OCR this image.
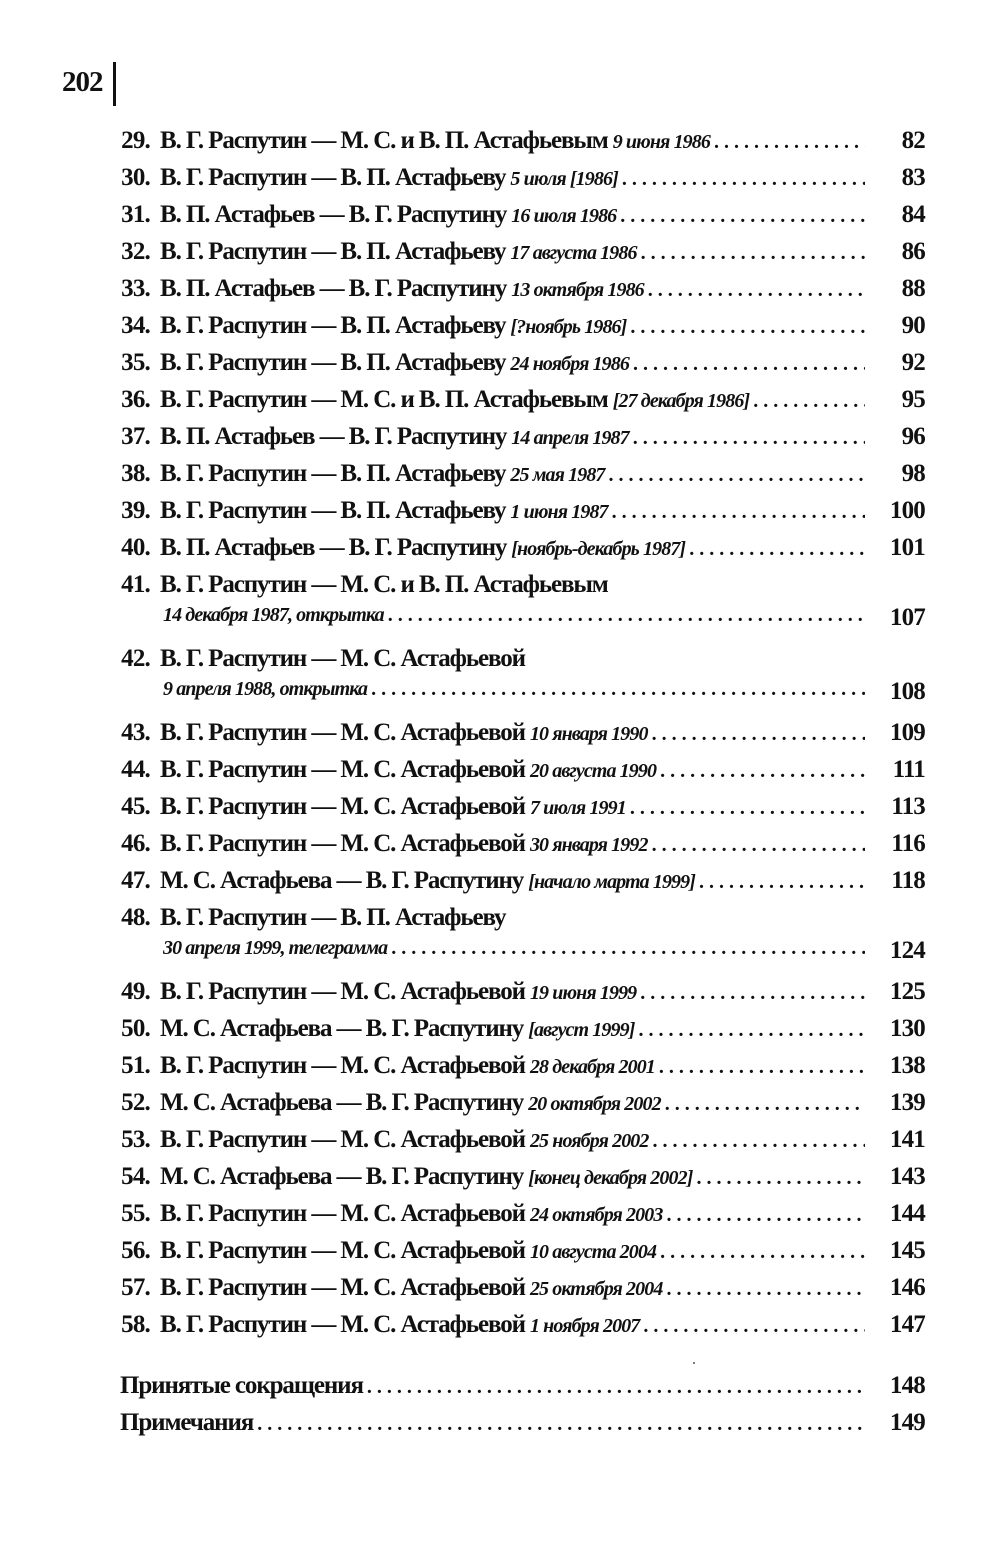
202
29. В. Г. Распутин — М. С. и В. П. Астафьевым 9 июня 1986 . . .	82
30. В. Г. Распутин — В. П. Астафьеву 5 июля [1986] . . .	83
31. В. П. Астафьев — В. Г. Распутину 16 июля 1986 . . .	84
32. В. Г. Распутин — В. П. Астафьеву 17 августа 1986 . . .	86
33. В. П. Астафьев — В. Г. Распутину 13 октября 1986 . . .	88
34. В. Г. Распутин — В. П. Астафьеву [?ноябрь 1986] . . .	90
35. В. Г. Распутин — В. П. Астафьеву 24 ноября 1986 . . .	92
36. В. Г. Распутин — М. С. и В. П. Астафьевым [27 декабря 1986] . . .	95
37. В. П. Астафьев — В. Г. Распутину 14 апреля 1987 . . .	96
38. В. Г. Распутин — В. П. Астафьеву 25 мая 1987 . . .	98
39. В. Г. Распутин — В. П. Астафьеву 1 июня 1987 . . .	100
40. В. П. Астафьев — В. Г. Распутину [ноябрь-декабрь 1987] . . .	101
41. В. Г. Распутин — М. С. и В. П. Астафьевым
14 декабря 1987, открытка . . .	107
42. В. Г. Распутин — М. С. Астафьевой
9 апреля 1988, открытка . . .	108
43. В. Г. Распутин — М. С. Астафьевой 10 января 1990 . . .	109
44. В. Г. Распутин — М. С. Астафьевой 20 августа 1990 . . .	111
45. В. Г. Распутин — М. С. Астафьевой 7 июля 1991 . . .	113
46. В. Г. Распутин — М. С. Астафьевой 30 января 1992 . . .	116
47. М. С. Астафьева — В. Г. Распутину [начало марта 1999] . . .	118
48. В. Г. Распутин — В. П. Астафьеву
30 апреля 1999, телеграмма . . .	124
49. В. Г. Распутин — М. С. Астафьевой 19 июня 1999 . . .	125
50. М. С. Астафьева — В. Г. Распутину [август 1999] . . .	130
51. В. Г. Распутин — М. С. Астафьевой 28 декабря 2001 . . .	138
52. М. С. Астафьева — В. Г. Распутину 20 октября 2002 . . .	139
53. В. Г. Распутин — М. С. Астафьевой 25 ноября 2002 . . .	141
54. М. С. Астафьева — В. Г. Распутину [конец декабря 2002] . . .	143
55. В. Г. Распутин — М. С. Астафьевой 24 октября 2003 . . .	144
56. В. Г. Распутин — М. С. Астафьевой 10 августа 2004 . . .	145
57. В. Г. Распутин — М. С. Астафьевой 25 октября 2004 . . .	146
58. В. Г. Распутин — М. С. Астафьевой 1 ноября 2007 . . .	147
Принятые сокращения . . .	148
Примечания . . .	149
